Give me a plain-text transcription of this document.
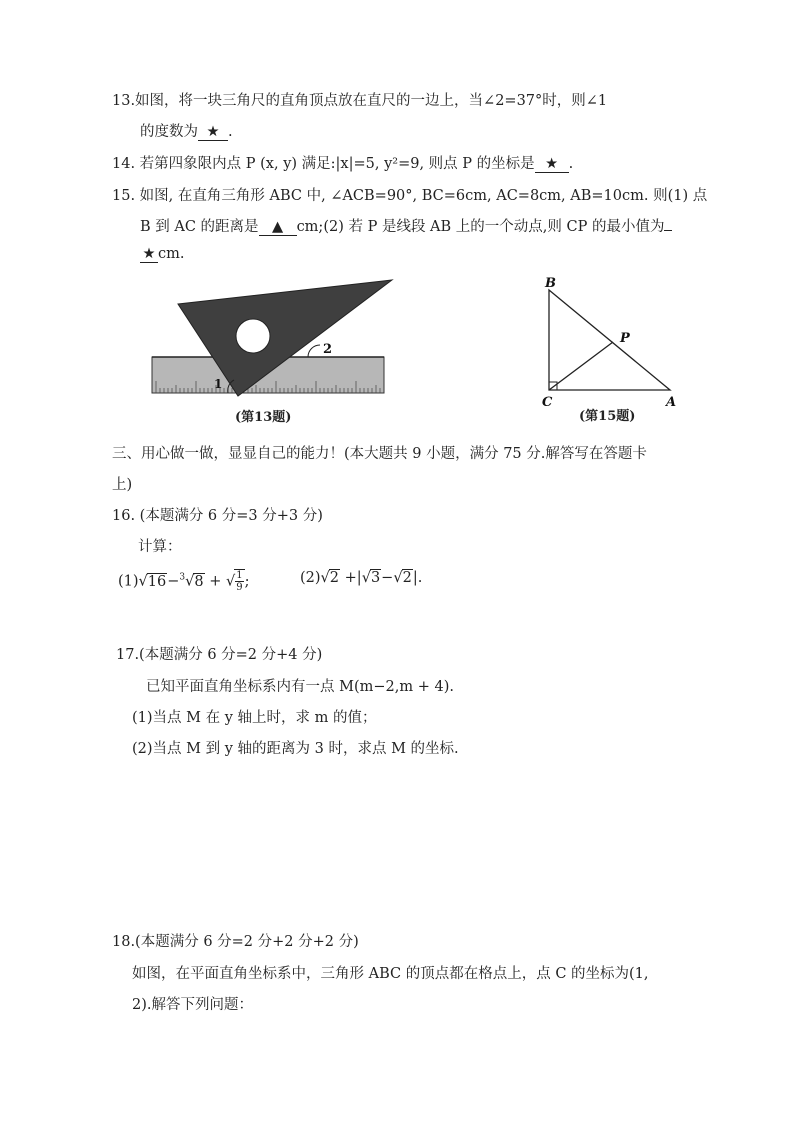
13.如图，将一块三角尺的直角顶点放在直尺的一边上，当∠2=37°时，则∠1
的度数为 ★ .
14. 若第四象限内点 P (x, y) 满足:|x|=5, y²=9, 则点 P 的坐标是 ★ .
15. 如图, 在直角三角形 ABC 中, ∠ACB=90°, BC=6cm, AC=8cm, AB=10cm. 则(1) 点
B 到 AC 的距离是 ▲ cm;(2) 若 P 是线段 AB 上的一个动点,则 CP 的最小值为
★ cm.
2
1
(第13题)
B
P
C	A
(第15题)
三、用心做一做，显显自己的能力！(本大题共 9 小题，满分 75 分.解答写在答题卡
上)
16. (本题满分 6 分=3 分+3 分)
计算：
(1)√16−$^3$√8 + √ $\frac{1}{9}$ ;	(2)√2 +|√3−√2|.
17.(本题满分 6 分=2 分+4 分)
已知平面直角坐标系内有一点 M(m−2,m + 4).
(1)当点 M 在 y 轴上时，求 m 的值；
(2)当点 M 到 y 轴的距离为 3 时，求点 M 的坐标.
18.(本题满分 6 分=2 分+2 分+2 分)
如图，在平面直角坐标系中，三角形 ABC 的顶点都在格点上，点 C 的坐标为(1,
2).解答下列问题：
